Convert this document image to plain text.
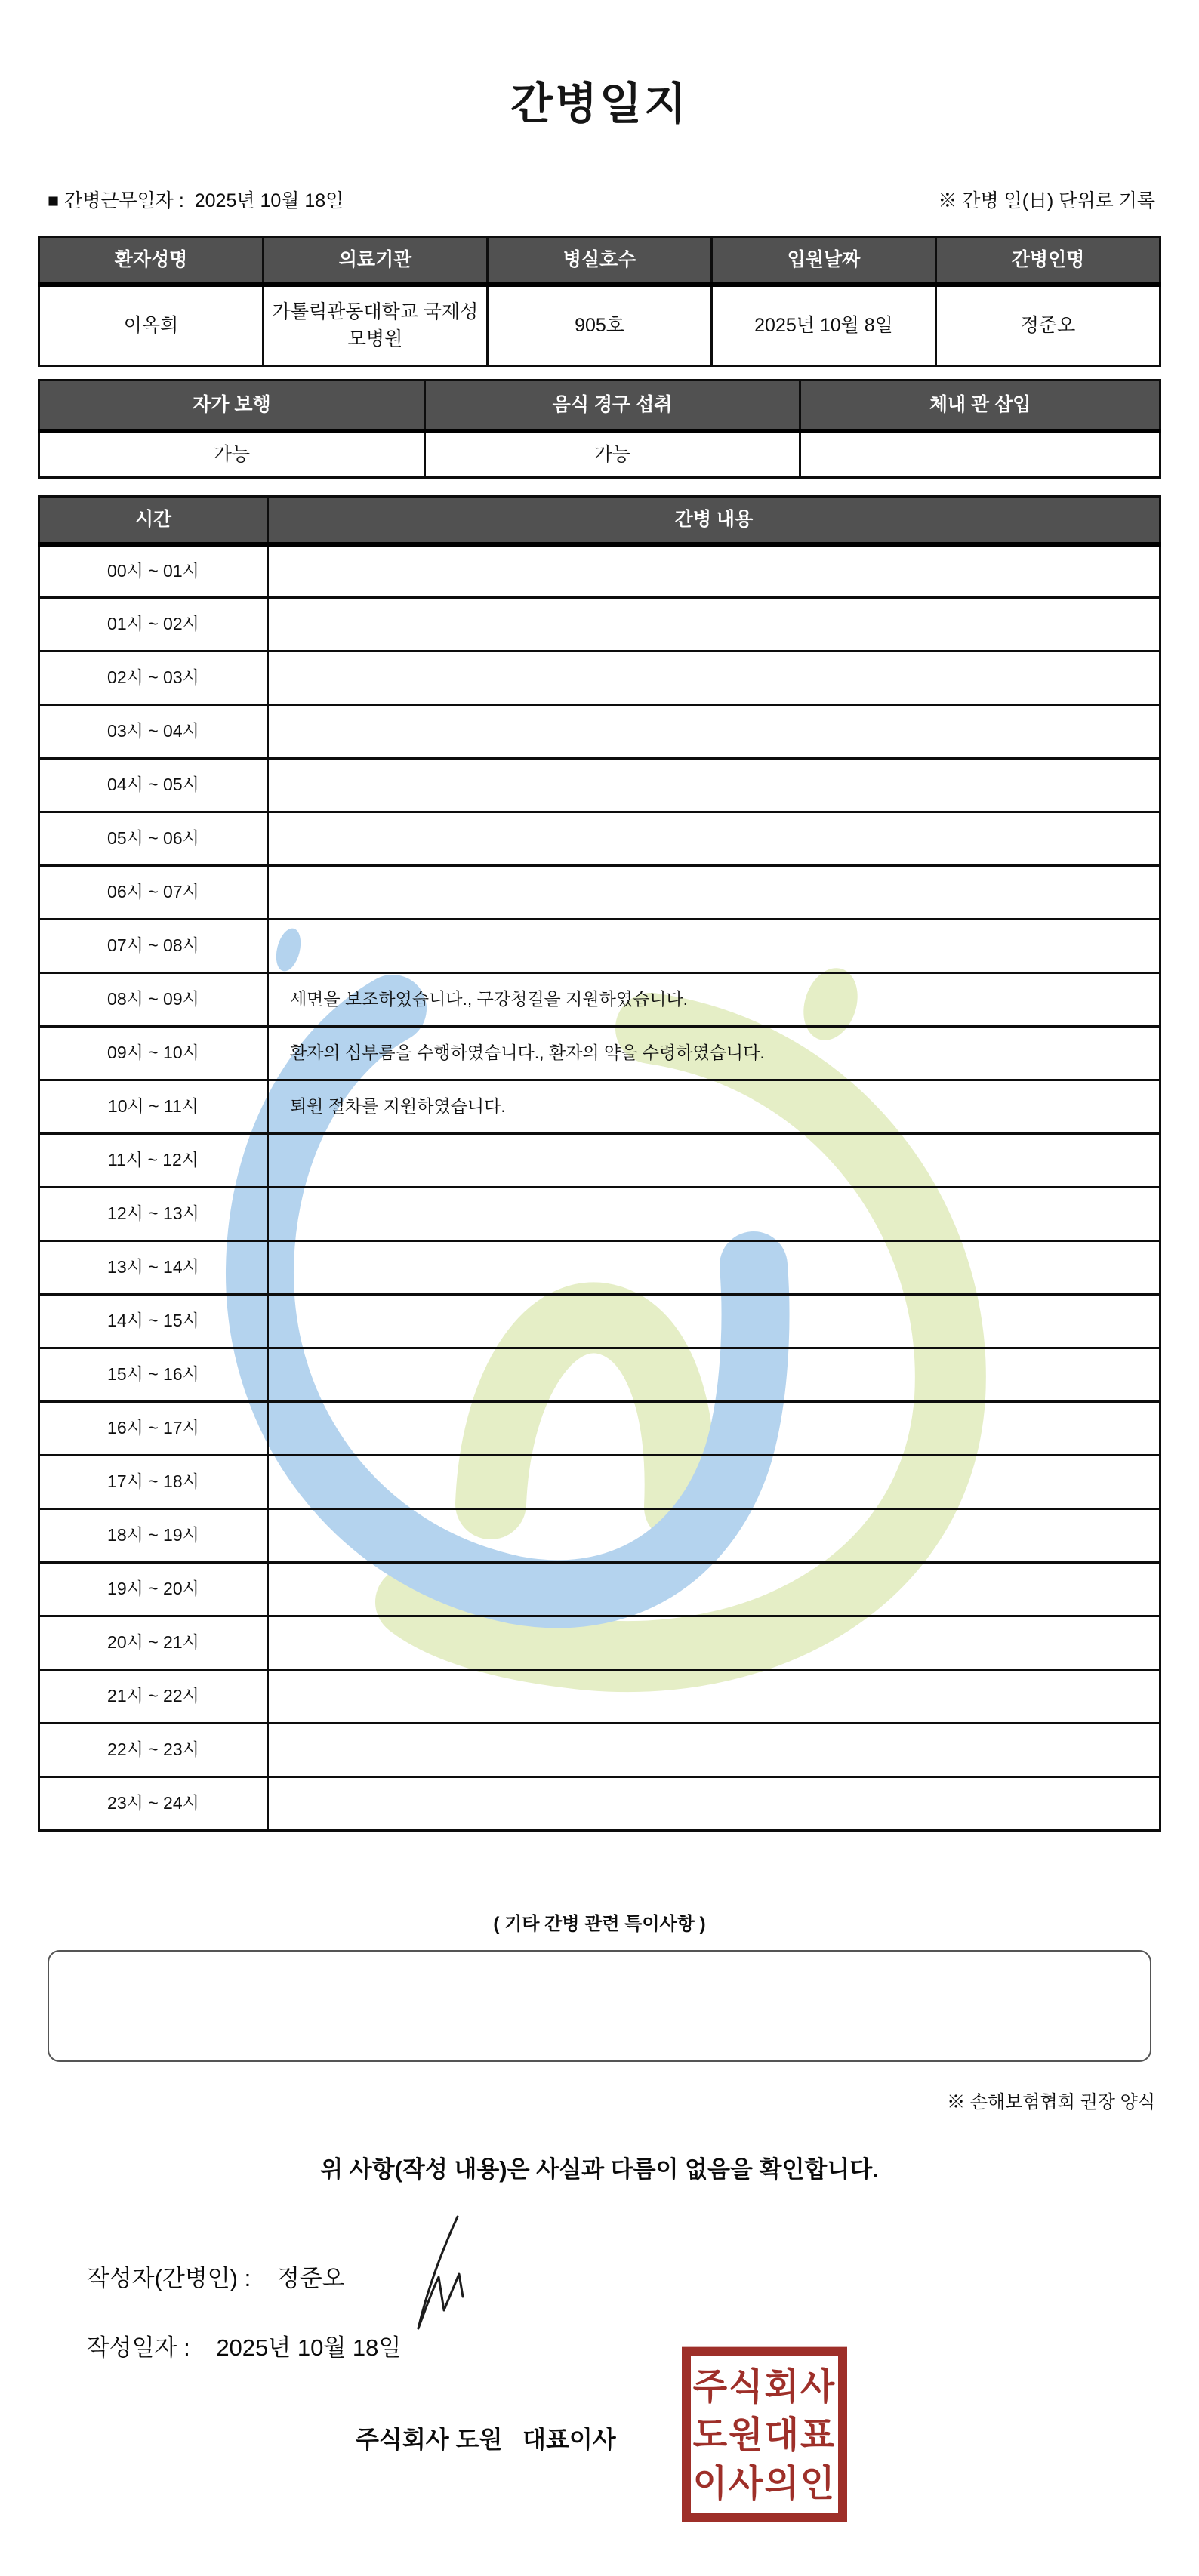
간병일지
■ 간병근무일자 :  2025년 10월 18일	※ 간병 일(日) 단위로 기록
환자성명	의료기관	병실호수	입원날짜	간병인명
이옥희	가톨릭관동대학교 국제성모병원	905호	2025년 10월 8일	정준오
자가 보행	음식 경구 섭취	체내 관 삽입
가능	가능	
시간	간병 내용
00시 ~ 01시	
01시 ~ 02시	
02시 ~ 03시	
03시 ~ 04시	
04시 ~ 05시	
05시 ~ 06시	
06시 ~ 07시	
07시 ~ 08시	
08시 ~ 09시	세면을 보조하였습니다., 구강청결을 지원하였습니다.
09시 ~ 10시	환자의 심부름을 수행하였습니다., 환자의 약을 수령하였습니다.
10시 ~ 11시	퇴원 절차를 지원하였습니다.
11시 ~ 12시	
12시 ~ 13시	
13시 ~ 14시	
14시 ~ 15시	
15시 ~ 16시	
16시 ~ 17시	
17시 ~ 18시	
18시 ~ 19시	
19시 ~ 20시	
20시 ~ 21시	
21시 ~ 22시	
22시 ~ 23시	
23시 ~ 24시	
( 기타 간병 관련 특이사항 )
※ 손해보험협회 권장 양식
위 사항(작성 내용)은 사실과 다름이 없음을 확인합니다.

작성자(간병인) : 정준오

작성일자 : 2025년 10월 18일

주식회사 도원   대표이사
주식회사
도원대표
이사의인
